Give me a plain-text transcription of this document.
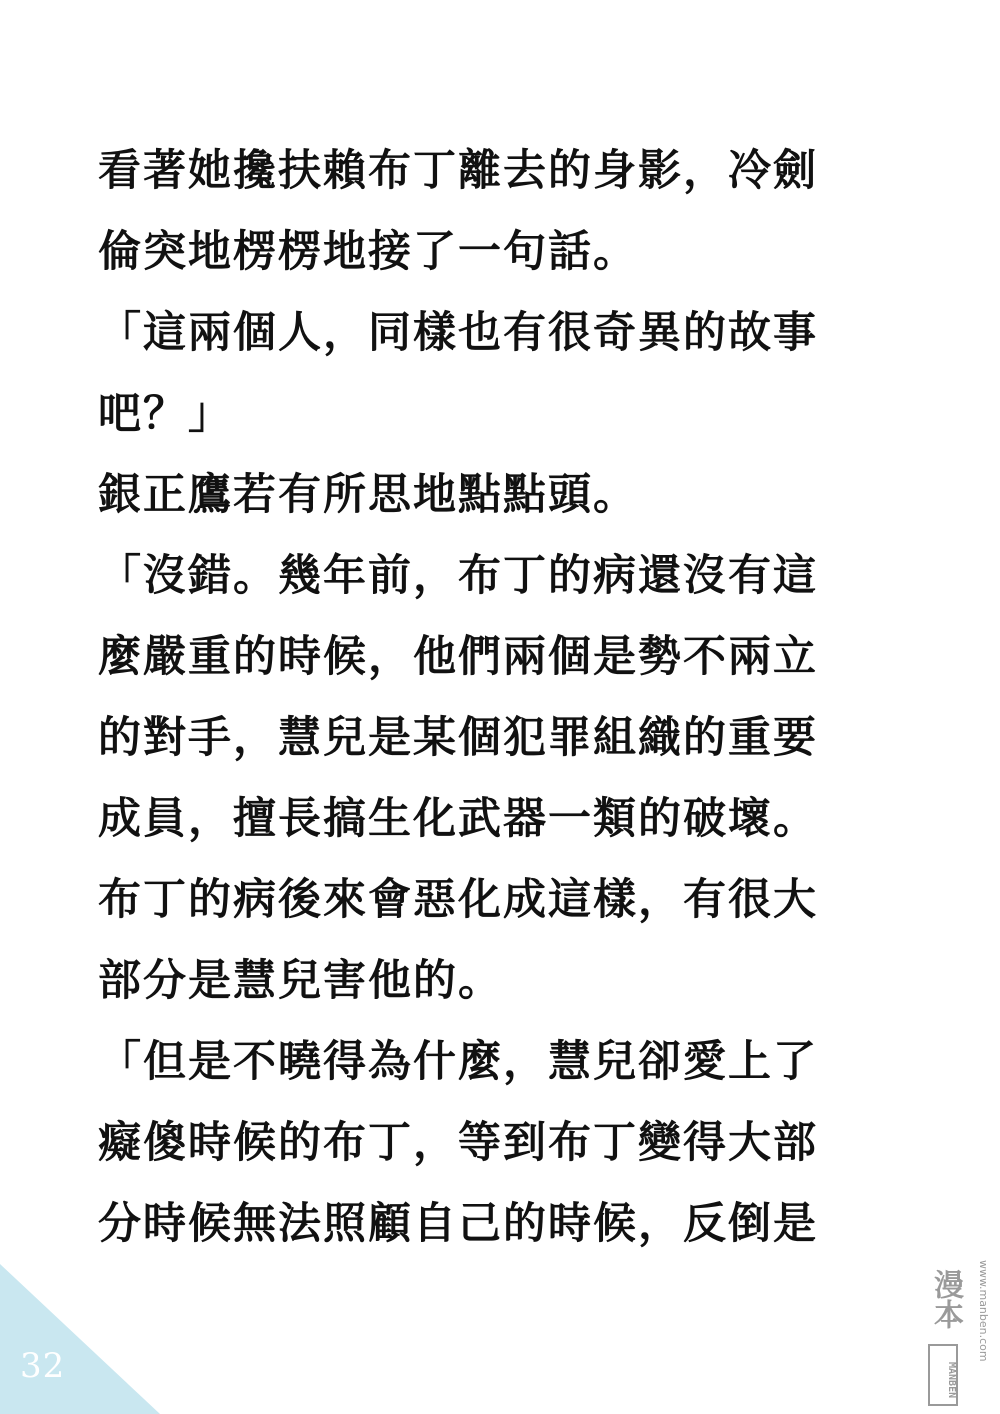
看著她攙扶賴布丁離去的身影，冷劍
倫突地楞楞地接了一句話。
「這兩個人，同樣也有很奇異的故事
吧？」
銀正鷹若有所思地點點頭。
「沒錯。幾年前，布丁的病還沒有這
麼嚴重的時候，他們兩個是勢不兩立
的對手，慧兒是某個犯罪組織的重要
成員，擅長搞生化武器一類的破壞。
布丁的病後來會惡化成這樣，有很大
部分是慧兒害他的。
「但是不曉得為什麼，慧兒卻愛上了
癡傻時候的布丁，等到布丁變得大部
分時候無法照顧自己的時候，反倒是
32
漫本
MANBEN
www.manben.com
